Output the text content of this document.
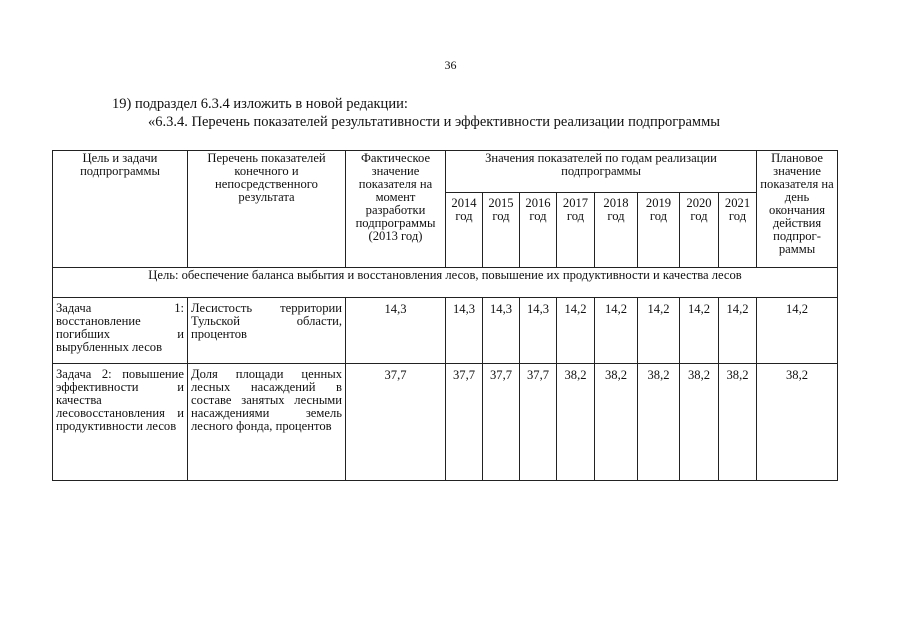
36
19) подраздел 6.3.4 изложить в новой редакции:
«6.3.4. Перечень показателей результативности и эффективности реализации подпрограммы
Цель и задачи подпрограммы	Перечень показателей конечного и непосредственного результата	Фактическое значение показателя на момент разработки подпрограммы (2013 год)	Значения показателей по годам реализации подпрограммы								Плановое значение показателя на день окончания действия подпрог-раммы
			2014 год	2015 год	2016 год	2017 год	2018 год	2019 год	2020 год	2021 год	
Цель: обеспечение баланса выбытия и восстановления лесов, повышение их продуктивности и качества лесов											
Задача 1: восстановление погибших и вырубленных лесов	Лесистость территории Тульской области, процентов	14,3	14,3	14,3	14,3	14,2	14,2	14,2	14,2	14,2	14,2
Задача 2: повышение эффективности и качества лесовосстановления и продуктивности лесов	Доля площади ценных лесных насаждений в составе занятых лесными насаждениями земель лесного фонда, процентов	37,7	37,7	37,7	37,7	38,2	38,2	38,2	38,2	38,2	38,2
